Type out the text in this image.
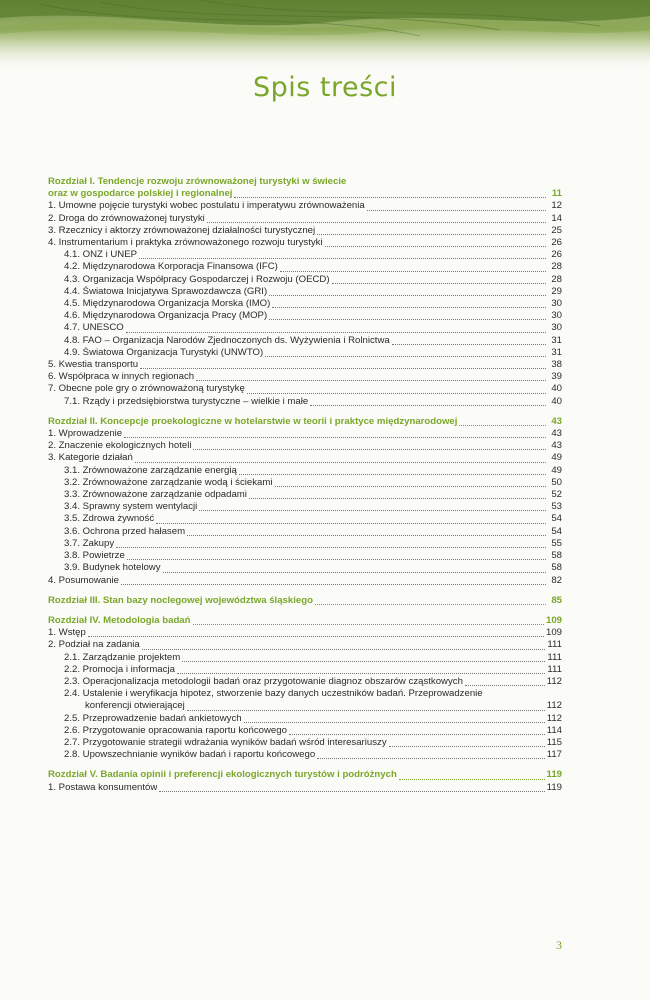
Spis treści
Rozdział I. Tendencje rozwoju zrównoważonej turystyki w świecie
oraz w gospodarce polskiej i regionalnej	11
1. Umowne pojęcie turystyki wobec postulatu i imperatywu zrównoważenia	12
2. Droga do zrównoważonej turystyki	14
3. Rzecznicy i aktorzy zrównoważonej działalności turystycznej	25
4. Instrumentarium i praktyka zrównoważonego rozwoju turystyki	26
4.1. ONZ i UNEP	26
4.2. Międzynarodowa Korporacja Finansowa (IFC)	28
4.3. Organizacja Współpracy Gospodarczej i Rozwoju (OECD)	28
4.4. Światowa Inicjatywa Sprawozdawcza (GRI)	29
4.5. Międzynarodowa Organizacja Morska (IMO)	30
4.6. Międzynarodowa Organizacja Pracy (MOP)	30
4.7. UNESCO	30
4.8. FAO – Organizacja Narodów Zjednoczonych ds. Wyżywienia i Rolnictwa	31
4.9. Światowa Organizacja Turystyki (UNWTO)	31
5. Kwestia transportu	38
6. Współpraca w innych regionach	39
7. Obecne pole gry o zrównoważoną turystykę	40
7.1. Rządy i przedsiębiorstwa turystyczne – wielkie i małe	40
Rozdział II. Koncepcje proekologiczne w hotelarstwie w teorii i praktyce międzynarodowej	43
1. Wprowadzenie	43
2. Znaczenie ekologicznych hoteli	43
3. Kategorie działań	49
3.1. Zrównoważone zarządzanie energią	49
3.2. Zrównoważone zarządzanie wodą i ściekami	50
3.3. Zrównoważone zarządzanie odpadami	52
3.4. Sprawny system wentylacji	53
3.5. Zdrowa żywność	54
3.6. Ochrona przed hałasem	54
3.7. Zakupy	55
3.8. Powietrze	58
3.9. Budynek hotelowy	58
4. Posumowanie	82
Rozdział III. Stan bazy noclegowej województwa śląskiego	85
Rozdział IV. Metodologia badań	109
1. Wstęp	109
2. Podział na zadania	111
2.1. Zarządzanie projektem	111
2.2. Promocja i informacja	111
2.3. Operacjonalizacja metodologii badań oraz przygotowanie diagnoz obszarów cząstkowych	112
2.4. Ustalenie i weryfikacja hipotez, stworzenie bazy danych uczestników badań. Przeprowadzenie
konferencji otwierającej	112
2.5. Przeprowadzenie badań ankietowych	112
2.6. Przygotowanie opracowania raportu końcowego	114
2.7. Przygotowanie strategii wdrażania wyników badań wśród interesariuszy	115
2.8. Upowszechnianie wyników badań i raportu końcowego	117
Rozdział V. Badania opinii i preferencji ekologicznych turystów i podróżnych	119
1. Postawa konsumentów	119
3
